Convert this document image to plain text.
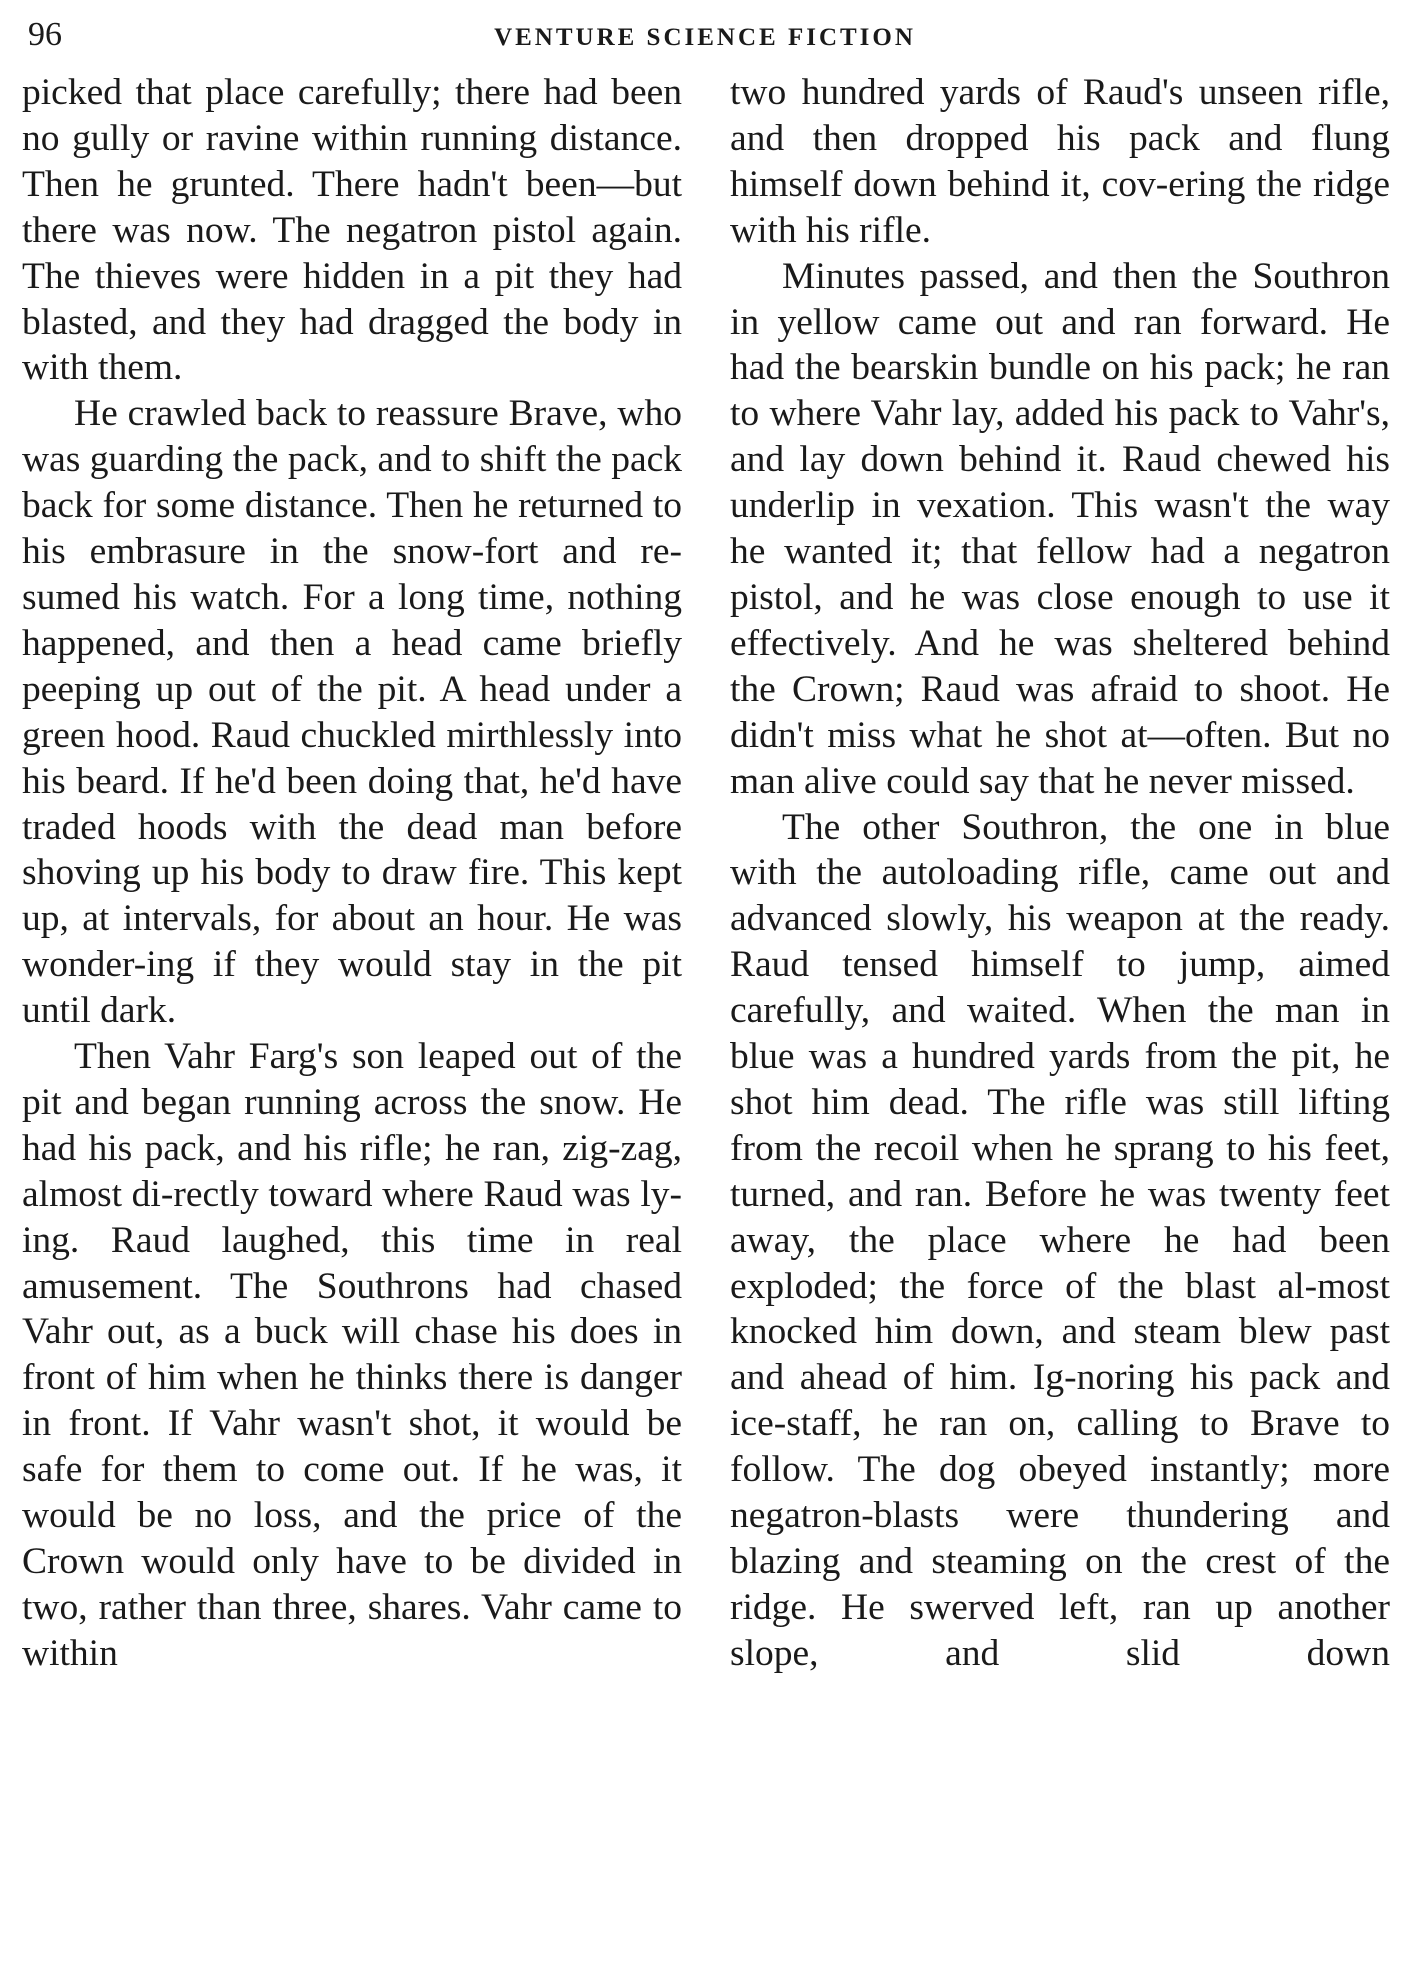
96	VENTURE SCIENCE FICTION

picked that place carefully; there had been no gully or ravine within running distance. Then he grunted. There hadn't been—but there was now. The negatron pistol again. The thieves were hidden in a pit they had blasted, and they had dragged the body in with them.

He crawled back to reassure Brave, who was guarding the pack, and to shift the pack back for some distance. Then he returned to his embrasure in the snow-fort and re-sumed his watch. For a long time, nothing happened, and then a head came briefly peeping up out of the pit. A head under a green hood. Raud chuckled mirthlessly into his beard. If he'd been doing that, he'd have traded hoods with the dead man before shoving up his body to draw fire. This kept up, at intervals, for about an hour. He was wonder-ing if they would stay in the pit until dark.

Then Vahr Farg's son leaped out of the pit and began running across the snow. He had his pack, and his rifle; he ran, zig-zag, almost di-rectly toward where Raud was ly-ing. Raud laughed, this time in real amusement. The Southrons had chased Vahr out, as a buck will chase his does in front of him when he thinks there is danger in front. If Vahr wasn't shot, it would be safe for them to come out. If he was, it would be no loss, and the price of the Crown would only have to be divided in two, rather than three, shares. Vahr came to within

two hundred yards of Raud's unseen rifle, and then dropped his pack and flung himself down behind it, cov-ering the ridge with his rifle.

Minutes passed, and then the Southron in yellow came out and ran forward. He had the bearskin bundle on his pack; he ran to where Vahr lay, added his pack to Vahr's, and lay down behind it. Raud chewed his underlip in vexation. This wasn't the way he wanted it; that fellow had a negatron pistol, and he was close enough to use it effectively. And he was sheltered behind the Crown; Raud was afraid to shoot. He didn't miss what he shot at—often. But no man alive could say that he never missed.

The other Southron, the one in blue with the autoloading rifle, came out and advanced slowly, his weapon at the ready. Raud tensed himself to jump, aimed carefully, and waited. When the man in blue was a hundred yards from the pit, he shot him dead. The rifle was still lifting from the recoil when he sprang to his feet, turned, and ran. Before he was twenty feet away, the place where he had been exploded; the force of the blast al-most knocked him down, and steam blew past and ahead of him. Ig-noring his pack and ice-staff, he ran on, calling to Brave to follow. The dog obeyed instantly; more negatron-blasts were thundering and blazing and steaming on the crest of the ridge. He swerved left, ran up another slope, and slid down
